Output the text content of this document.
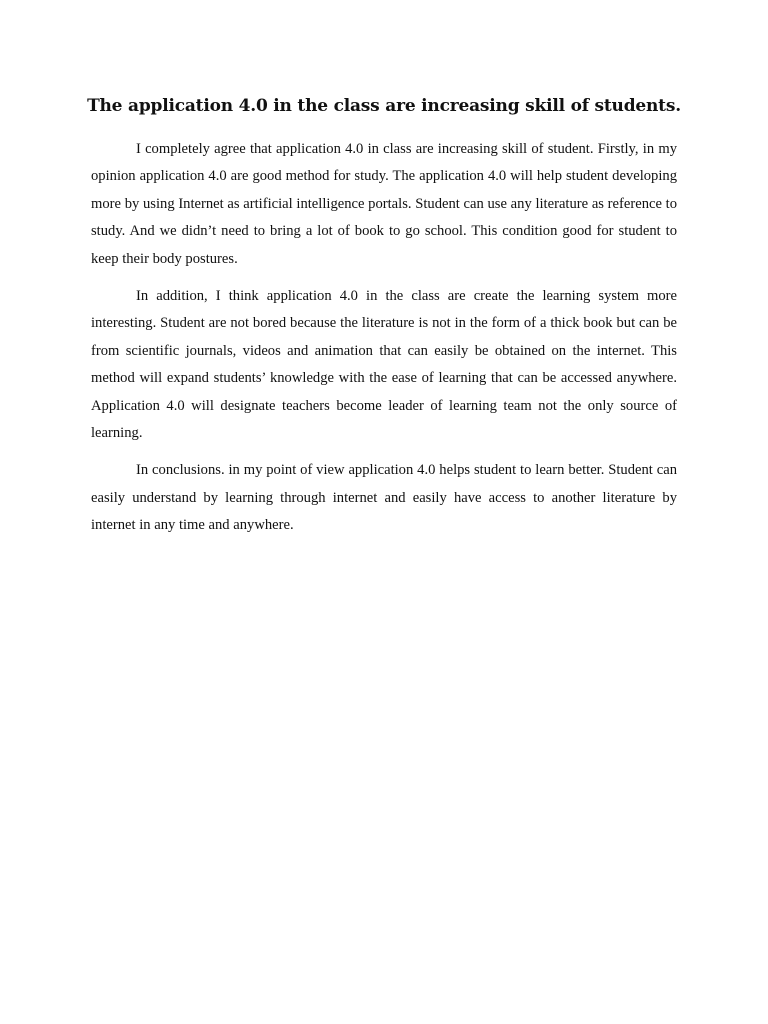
The application 4.0 in the class are increasing skill of students.

I completely agree that application 4.0 in class are increasing skill of student. Firstly, in my opinion application 4.0 are good method for study. The application 4.0 will help student developing more by using Internet as artificial intelligence portals. Student can use any literature as reference to study. And we didn’t need to bring a lot of book to go school. This condition good for student to keep their body postures.

In addition, I think application 4.0 in the class are create the learning system more interesting. Student are not bored because the literature is not in the form of a thick book but can be from scientific journals, videos and animation that can easily be obtained on the internet. This method will expand students’ knowledge with the ease of learning that can be accessed anywhere. Application 4.0 will designate teachers become leader of learning team not the only source of learning.

In conclusions. in my point of view application 4.0 helps student to learn better. Student can easily understand by learning through internet and easily have access to another literature by internet in any time and anywhere.
